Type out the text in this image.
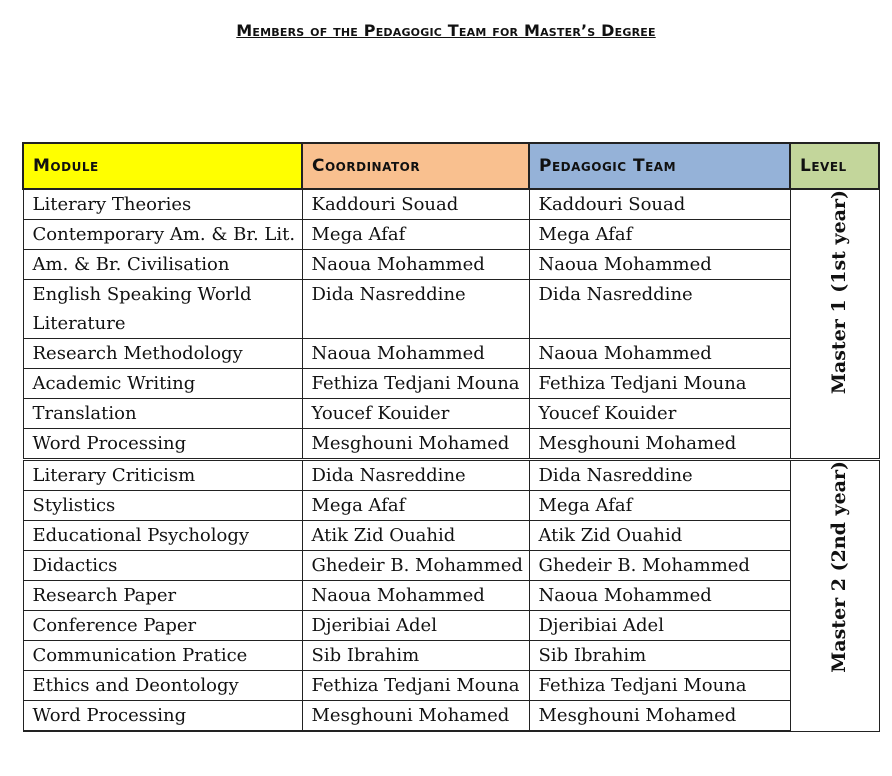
Members of the Pedagogic Team for Master’s Degree
Module	Coordinator	Pedagogic Team	Level
Literary Theories	Kaddouri Souad	Kaddouri Souad	Master 1 (1st year)
Contemporary Am. & Br. Lit.	Mega Afaf	Mega Afaf	
Am. & Br. Civilisation	Naoua Mohammed	Naoua Mohammed	
English Speaking World Literature	Dida Nasreddine	Dida Nasreddine	
Research Methodology	Naoua Mohammed	Naoua Mohammed	
Academic Writing	Fethiza Tedjani Mouna	Fethiza Tedjani Mouna	
Translation	Youcef Kouider	Youcef Kouider	
Word Processing	Mesghouni Mohamed	Mesghouni Mohamed	
Literary Criticism	Dida Nasreddine	Dida Nasreddine	Master 2 (2nd year)
Stylistics	Mega Afaf	Mega Afaf	
Educational Psychology	Atik Zid Ouahid	Atik Zid Ouahid	
Didactics	Ghedeir B. Mohammed	Ghedeir B. Mohammed	
Research Paper	Naoua Mohammed	Naoua Mohammed	
Conference Paper	Djeribiai Adel	Djeribiai Adel	
Communication Pratice	Sib Ibrahim	Sib Ibrahim	
Ethics and Deontology	Fethiza Tedjani Mouna	Fethiza Tedjani Mouna	
Word Processing	Mesghouni Mohamed	Mesghouni Mohamed	
